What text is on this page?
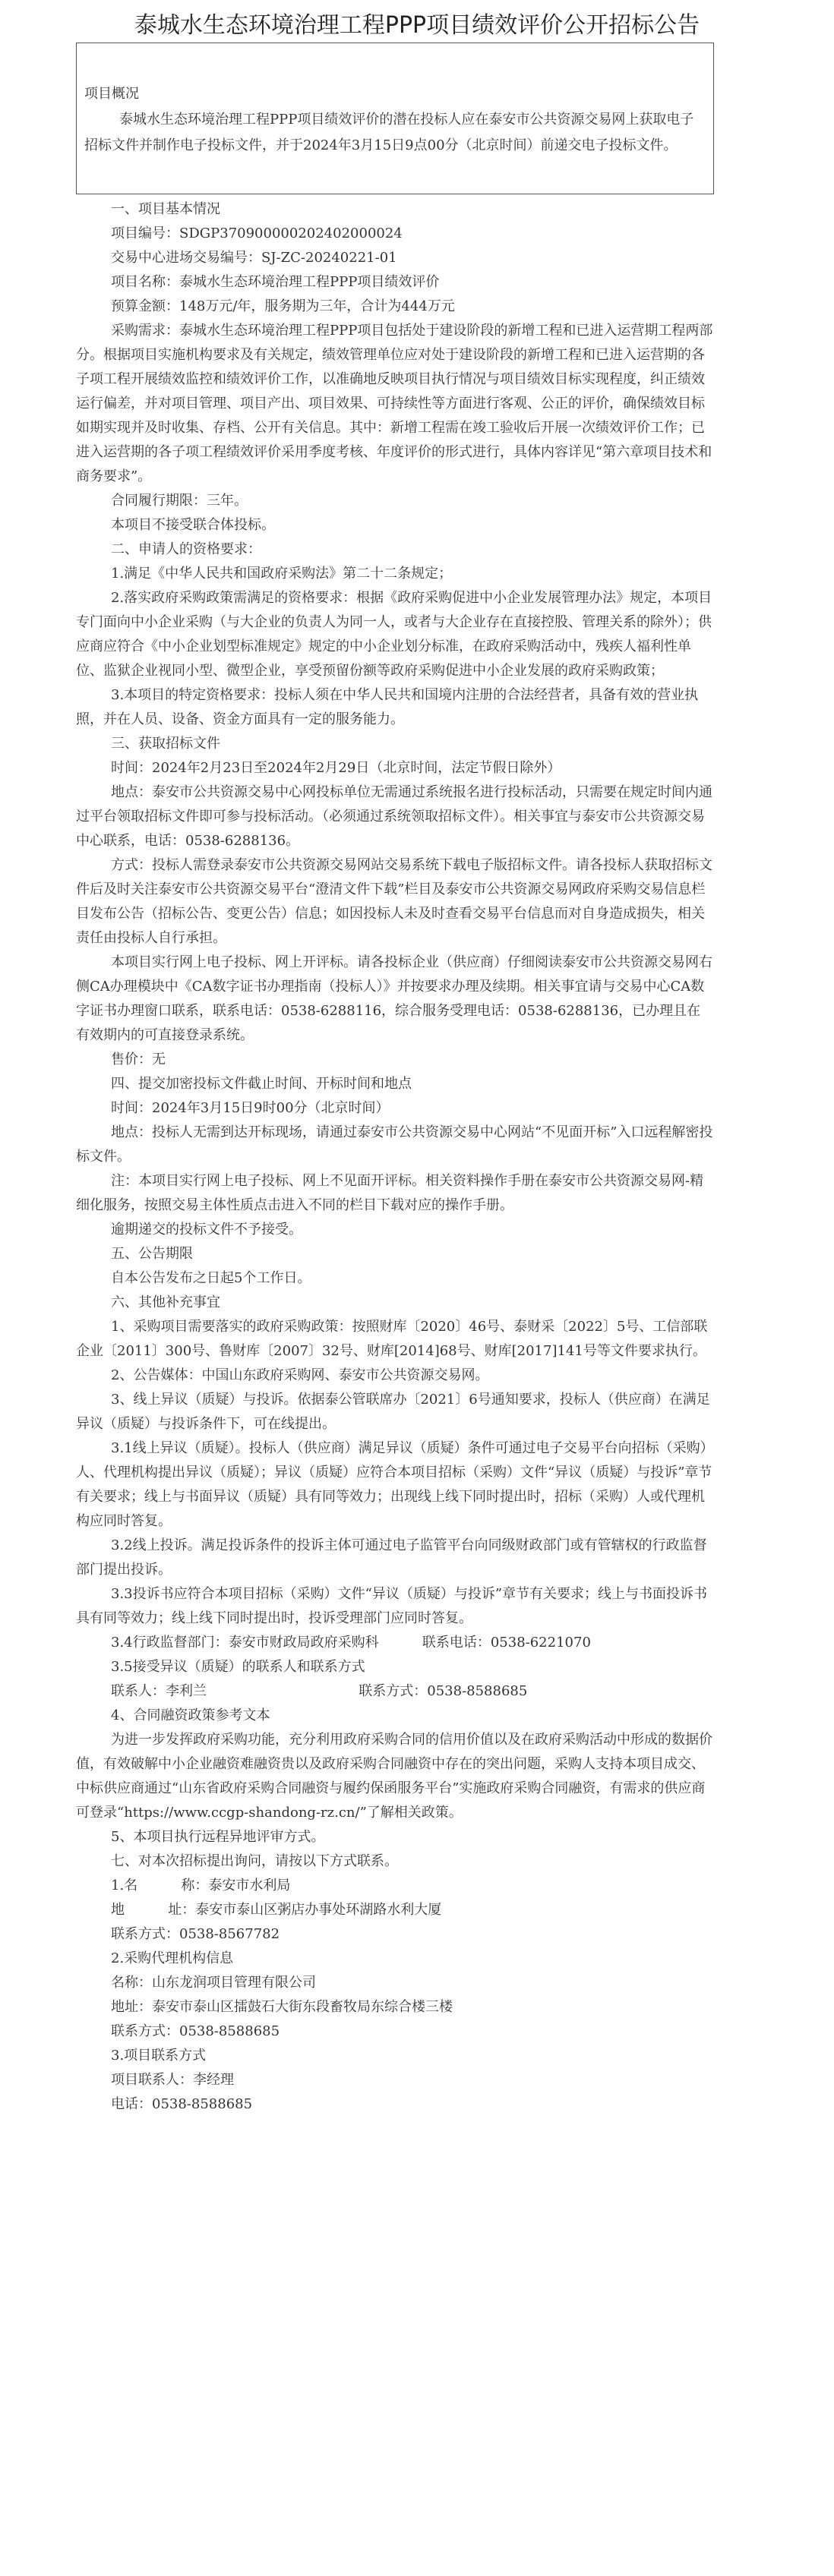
泰城水生态环境治理工程PPP项目绩效评价公开招标公告
项目概况
泰城水生态环境治理工程PPP项目绩效评价的潜在投标人应在泰安市公共资源交易网上获取电子招标文件并制作电子投标文件，并于2024年3月15日9点00分（北京时间）前递交电子投标文件。
一、项目基本情况
项目编号：SDGP370900000202402000024
交易中心进场交易编号：SJ-ZC-20240221-01
项目名称：泰城水生态环境治理工程PPP项目绩效评价
预算金额：148万元/年，服务期为三年，合计为444万元
采购需求：泰城水生态环境治理工程PPP项目包括处于建设阶段的新增工程和已进入运营期工程两部分。根据项目实施机构要求及有关规定，绩效管理单位应对处于建设阶段的新增工程和已进入运营期的各子项工程开展绩效监控和绩效评价工作，以准确地反映项目执行情况与项目绩效目标实现程度，纠正绩效运行偏差，并对项目管理、项目产出、项目效果、可持续性等方面进行客观、公正的评价，确保绩效目标如期实现并及时收集、存档、公开有关信息。其中：新增工程需在竣工验收后开展一次绩效评价工作；已进入运营期的各子项工程绩效评价采用季度考核、年度评价的形式进行，具体内容详见“第六章项目技术和商务要求”。
合同履行期限：三年。
本项目不接受联合体投标。
二、申请人的资格要求：
1.满足《中华人民共和国政府采购法》第二十二条规定；
2.落实政府采购政策需满足的资格要求：根据《政府采购促进中小企业发展管理办法》规定，本项目专门面向中小企业采购（与大企业的负责人为同一人，或者与大企业存在直接控股、管理关系的除外）；供应商应符合《中小企业划型标准规定》规定的中小企业划分标准，在政府采购活动中，残疾人福利性单位、监狱企业视同小型、微型企业，享受预留份额等政府采购促进中小企业发展的政府采购政策；
3.本项目的特定资格要求：投标人须在中华人民共和国境内注册的合法经营者，具备有效的营业执照，并在人员、设备、资金方面具有一定的服务能力。
三、获取招标文件
时间：2024年2月23日至2024年2月29日（北京时间，法定节假日除外）
地点：泰安市公共资源交易中心网投标单位无需通过系统报名进行投标活动，只需要在规定时间内通过平台领取招标文件即可参与投标活动。（必须通过系统领取招标文件）。相关事宜与泰安市公共资源交易中心联系，电话：0538-6288136。
方式：投标人需登录泰安市公共资源交易网站交易系统下载电子版招标文件。请各投标人获取招标文件后及时关注泰安市公共资源交易平台“澄清文件下载”栏目及泰安市公共资源交易网政府采购交易信息栏目发布公告（招标公告、变更公告）信息；如因投标人未及时查看交易平台信息而对自身造成损失，相关责任由投标人自行承担。
本项目实行网上电子投标、网上开评标。请各投标企业（供应商）仔细阅读泰安市公共资源交易网右侧CA办理模块中《CA数字证书办理指南（投标人）》并按要求办理及续期。相关事宜请与交易中心CA数字证书办理窗口联系，联系电话：0538-6288116，综合服务受理电话：0538-6288136，已办理且在有效期内的可直接登录系统。
售价：无
四、提交加密投标文件截止时间、开标时间和地点
时间：2024年3月15日9时00分（北京时间）
地点：投标人无需到达开标现场，请通过泰安市公共资源交易中心网站“不见面开标”入口远程解密投标文件。
注：本项目实行网上电子投标、网上不见面开评标。相关资料操作手册在泰安市公共资源交易网-精细化服务，按照交易主体性质点击进入不同的栏目下载对应的操作手册。
逾期递交的投标文件不予接受。
五、公告期限
自本公告发布之日起5个工作日。
六、其他补充事宜
1、采购项目需要落实的政府采购政策：按照财库〔2020〕46号、泰财采〔2022〕5号、工信部联企业〔2011〕300号、鲁财库〔2007〕32号、财库[2014]68号、财库[2017]141号等文件要求执行。
2、公告媒体：中国山东政府采购网、泰安市公共资源交易网。
3、线上异议（质疑）与投诉。依据泰公管联席办〔2021〕6号通知要求，投标人（供应商）在满足异议（质疑）与投诉条件下，可在线提出。
3.1线上异议（质疑）。投标人（供应商）满足异议（质疑）条件可通过电子交易平台向招标（采购）人、代理机构提出异议（质疑）；异议（质疑）应符合本项目招标（采购）文件“异议（质疑）与投诉”章节有关要求；线上与书面异议（质疑）具有同等效力；出现线上线下同时提出时，招标（采购）人或代理机构应同时答复。
3.2线上投诉。满足投诉条件的投诉主体可通过电子监管平台向同级财政部门或有管辖权的行政监督部门提出投诉。
3.3投诉书应符合本项目招标（采购）文件“异议（质疑）与投诉”章节有关要求；线上与书面投诉书具有同等效力；线上线下同时提出时，投诉受理部门应同时答复。
3.4行政监督部门：泰安市财政局政府采购科          联系电话：0538-6221070
3.5接受异议（质疑）的联系人和联系方式
联系人：李利兰                                   联系方式：0538-8588685
4、合同融资政策参考文本
为进一步发挥政府采购功能，充分利用政府采购合同的信用价值以及在政府采购活动中形成的数据价值，有效破解中小企业融资难融资贵以及政府采购合同融资中存在的突出问题，采购人支持本项目成交、中标供应商通过“山东省政府采购合同融资与履约保函服务平台”实施政府采购合同融资，有需求的供应商可登录“https://www.ccgp-shandong-rz.cn/”了解相关政策。
5、本项目执行远程异地评审方式。
七、对本次招标提出询问，请按以下方式联系。
1.名          称：泰安市水利局
地          址：泰安市泰山区粥店办事处环湖路水利大厦
联系方式：0538-8567782
2.采购代理机构信息
名称：山东龙润项目管理有限公司
地址：泰安市泰山区擂鼓石大街东段畜牧局东综合楼三楼
联系方式：0538-8588685
3.项目联系方式
项目联系人：李经理
电话：0538-8588685
